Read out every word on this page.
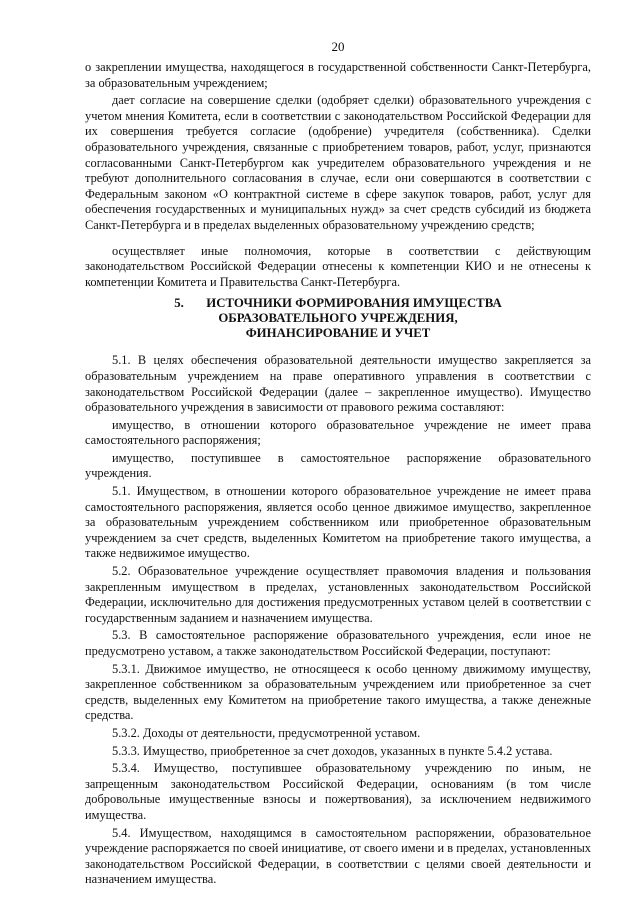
20

о закреплении имущества, находящегося в государственной собственности Санкт-Петербурга, за образовательным учреждением;

дает согласие на совершение сделки (одобряет сделки) образовательного учреждения с учетом мнения Комитета, если в соответствии с законодательством Российской Федерации для их совершения требуется согласие (одобрение) учредителя (собственника). Сделки образовательного учреждения, связанные с приобретением товаров, работ, услуг, признаются согласованными Санкт-Петербургом как учредителем образовательного учреждения и не требуют дополнительного согласования в случае, если они совершаются в соответствии с Федеральным законом «О контрактной системе в сфере закупок товаров, работ, услуг для обеспечения государственных и муниципальных нужд» за счет средств субсидий из бюджета Санкт-Петербурга и в пределах выделенных образовательному учреждению средств;

осуществляет иные полномочия, которые в соответствии с действующим законодательством Российской Федерации отнесены к компетенции КИО и не отнесены к компетенции Комитета и Правительства Санкт-Петербурга.

5. ИСТОЧНИКИ ФОРМИРОВАНИЯ ИМУЩЕСТВА
ОБРАЗОВАТЕЛЬНОГО УЧРЕЖДЕНИЯ,
ФИНАНСИРОВАНИЕ И УЧЕТ

5.1. В целях обеспечения образовательной деятельности имущество закрепляется за образовательным учреждением на праве оперативного управления в соответствии с законодательством Российской Федерации (далее – закрепленное имущество). Имущество образовательного учреждения в зависимости от правового режима составляют:

имущество, в отношении которого образовательное учреждение не имеет права самостоятельного распоряжения;

имущество, поступившее в самостоятельное распоряжение образовательного учреждения.

5.1. Имуществом, в отношении которого образовательное учреждение не имеет права самостоятельного распоряжения, является особо ценное движимое имущество, закрепленное за образовательным учреждением собственником или приобретенное образовательным учреждением за счет средств, выделенных Комитетом на приобретение такого имущества, а также недвижимое имущество.

5.2. Образовательное учреждение осуществляет правомочия владения и пользования закрепленным имуществом в пределах, установленных законодательством Российской Федерации, исключительно для достижения предусмотренных уставом целей в соответствии с государственным заданием и назначением имущества.

5.3. В самостоятельное распоряжение образовательного учреждения, если иное не предусмотрено уставом, а также законодательством Российской Федерации, поступают:

5.3.1. Движимое имущество, не относящееся к особо ценному движимому имуществу, закрепленное собственником за образовательным учреждением или приобретенное за счет средств, выделенных ему Комитетом на приобретение такого имущества, а также денежные средства.

5.3.2. Доходы от деятельности, предусмотренной уставом.

5.3.3. Имущество, приобретенное за счет доходов, указанных в пункте 5.4.2 устава.

5.3.4. Имущество, поступившее образовательному учреждению по иным, не запрещенным законодательством Российской Федерации, основаниям (в том числе добровольные имущественные взносы и пожертвования), за исключением недвижимого имущества.

5.4. Имуществом, находящимся в самостоятельном распоряжении, образовательное учреждение распоряжается по своей инициативе, от своего имени и в пределах, установленных законодательством Российской Федерации, в соответствии с целями своей деятельности и назначением имущества.
